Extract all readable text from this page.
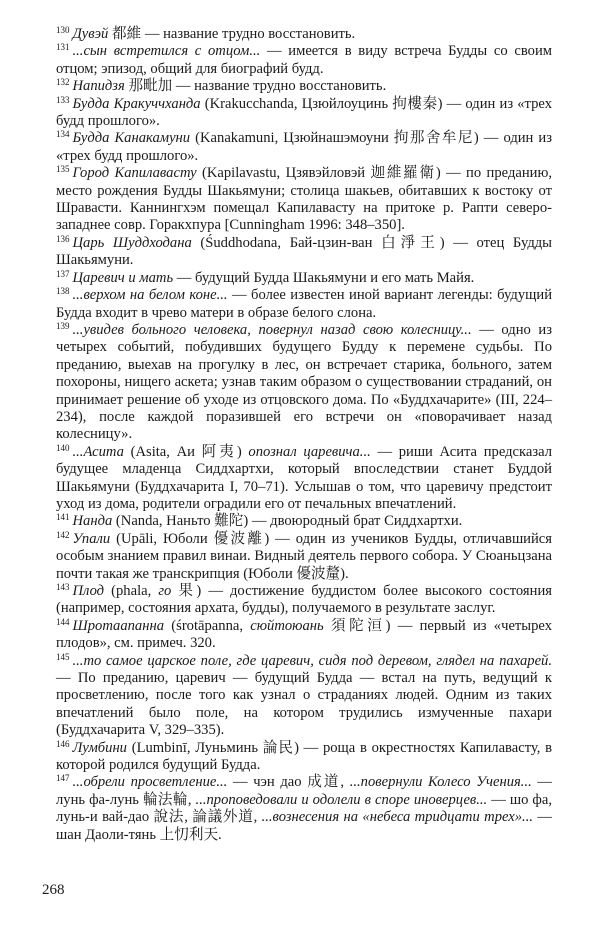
$^{130}$ Дувэй 都維 — название трудно восстановить.

$^{131}$ ...сын встретился с отцом... — имеется в виду встреча Будды со своим отцом; эпизод, общий для биографий будд.

$^{132}$ Напидзя 那毗加 — название трудно восстановить.

$^{133}$ Будда Кракуччханда (Krakucchanda, Цзюйлоуцинь 拘樓秦) — один из «трех будд прошлого».

$^{134}$ Будда Канакамуни (Kanakamuni, Цзюйнашэмоуни 拘那舍牟尼) — один из «трех будд прошлого».

$^{135}$ Город Капилавасту (Kapilavastu, Цзявэйловэй 迦維羅衛) — по преданию, место рождения Будды Шакьямуни; столица шакьев, обитавших к востоку от Шравасти. Каннингхэм помещал Капилавасту на притоке р. Рапти северо-западнее совр. Горакхпура [Cunningham 1996: 348–350].

$^{136}$ Царь Шуддходана (Śuddhodana, Бай-цзин-ван 白淨王) — отец Будды Шакьямуни.

$^{137}$ Царевич и мать — будущий Будда Шакьямуни и его мать Майя.

$^{138}$ ...верхом на белом коне... — более известен иной вариант легенды: будущий Будда входит в чрево матери в образе белого слона.

$^{139}$ ...увидев больного человека, повернул назад свою колесницу... — одно из четырех событий, побудивших будущего Будду к перемене судьбы. По преданию, выехав на прогулку в лес, он встречает старика, больного, затем похороны, нищего аскета; узнав таким образом о существовании страданий, он принимает решение об уходе из отцовского дома. По «Буддхачарите» (III, 224–234), после каждой поразившей его встречи он «поворачивает назад колесницу».

$^{140}$ ...Асита (Asita, Аи 阿夷) опознал царевича... — риши Асита предсказал будущее младенца Сиддхартхи, который впоследствии станет Буддой Шакьямуни (Буддхачарита I, 70–71). Услышав о том, что царевичу предстоит уход из дома, родители оградили его от печальных впечатлений.

$^{141}$ Нанда (Nanda, Наньто 難陀) — двоюродный брат Сиддхартхи.

$^{142}$ Упали (Upāli, Юболи 優波離) — один из учеников Будды, отличавшийся особым знанием правил винаи. Видный деятель первого собора. У Сюаньцзана почти такая же транскрипция (Юболи 優波釐).

$^{143}$ Плод (phala, го 果) — достижение буддистом более высокого состояния (например, состояния архата, будды), получаемого в результате заслуг.

$^{144}$ Шротаапанна (śrotāpanna, сюйтоюань 須陀洹) — первый из «четырех плодов», см. примеч. 320.

$^{145}$ ...то самое царское поле, где царевич, сидя под деревом, глядел на пахарей. — По преданию, царевич — будущий Будда — встал на путь, ведущий к просветлению, после того как узнал о страданиях людей. Одним из таких впечатлений было поле, на котором трудились измученные пахари (Буддхачарита V, 329–335).

$^{146}$ Лумбини (Lumbinī, Луньминь 論民) — роща в окрестностях Капилавасту, в которой родился будущий Будда.

$^{147}$ ...обрели просветление... — чэн дао 成道, ...повернули Колесо Учения... — лунь фа-лунь 輪法輪, ...проповедовали и одолели в споре иноверцев... — шо фа, лунь-и вай-дао 說法, 論議外道, ...вознесения на «небеса тридцати трех»... — шан Даоли-тянь 上忉利天.

268
